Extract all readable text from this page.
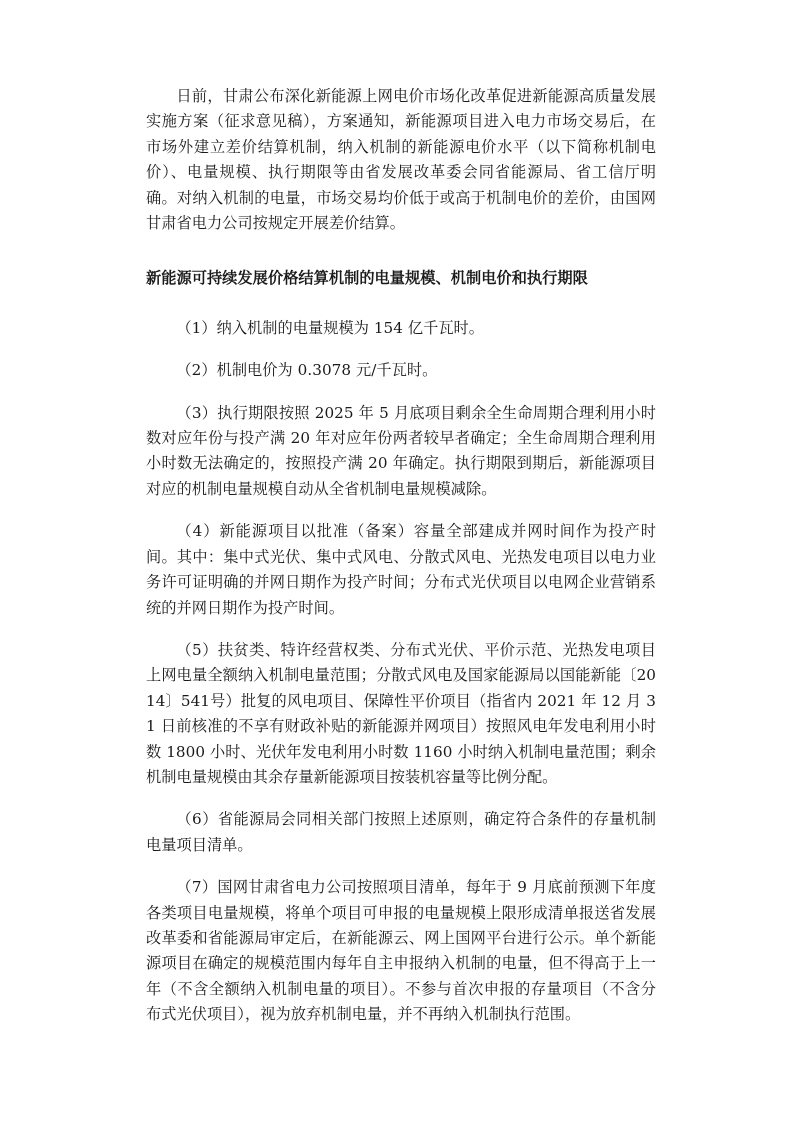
日前，甘肃公布深化新能源上网电价市场化改革促进新能源高质量发展实施方案（征求意见稿），方案通知，新能源项目进入电力市场交易后，在市场外建立差价结算机制，纳入机制的新能源电价水平（以下简称机制电价）、电量规模、执行期限等由省发展改革委会同省能源局、省工信厅明确。对纳入机制的电量，市场交易均价低于或高于机制电价的差价，由国网甘肃省电力公司按规定开展差价结算。

新能源可持续发展价格结算机制的电量规模、机制电价和执行期限

（1）纳入机制的电量规模为 154 亿千瓦时。

（2）机制电价为 0.3078 元/千瓦时。

（3）执行期限按照 2025 年 5 月底项目剩余全生命周期合理利用小时数对应年份与投产满 20 年对应年份两者较早者确定；全生命周期合理利用小时数无法确定的，按照投产满 20 年确定。执行期限到期后，新能源项目对应的机制电量规模自动从全省机制电量规模减除。

（4）新能源项目以批准（备案）容量全部建成并网时间作为投产时间。其中：集中式光伏、集中式风电、分散式风电、光热发电项目以电力业务许可证明确的并网日期作为投产时间；分布式光伏项目以电网企业营销系统的并网日期作为投产时间。

（5）扶贫类、特许经营权类、分布式光伏、平价示范、光热发电项目上网电量全额纳入机制电量范围；分散式风电及国家能源局以国能新能〔2014〕541号）批复的风电项目、保障性平价项目（指省内 2021 年 12 月 31 日前核准的不享有财政补贴的新能源并网项目）按照风电年发电利用小时数 1800 小时、光伏年发电利用小时数 1160 小时纳入机制电量范围；剩余机制电量规模由其余存量新能源项目按装机容量等比例分配。

（6）省能源局会同相关部门按照上述原则，确定符合条件的存量机制电量项目清单。

（7）国网甘肃省电力公司按照项目清单，每年于 9 月底前预测下年度各类项目电量规模，将单个项目可申报的电量规模上限形成清单报送省发展改革委和省能源局审定后，在新能源云、网上国网平台进行公示。单个新能源项目在确定的规模范围内每年自主申报纳入机制的电量，但不得高于上一年（不含全额纳入机制电量的项目）。不参与首次申报的存量项目（不含分布式光伏项目），视为放弃机制电量，并不再纳入机制执行范围。
